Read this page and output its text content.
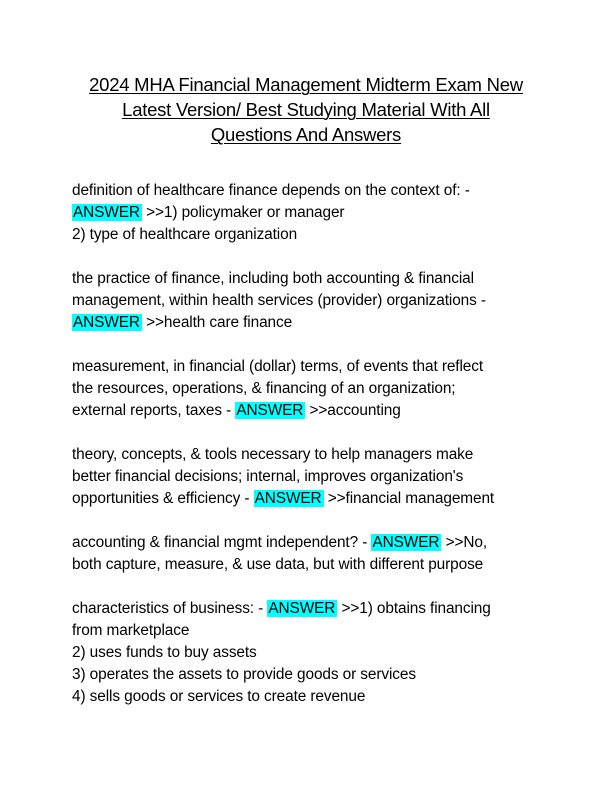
2024 MHA Financial Management Midterm Exam New
Latest Version/ Best Studying Material With All
Questions And Answers
definition of healthcare finance depends on the context of: -
ANSWER >>1) policymaker or manager
2) type of healthcare organization
the practice of finance, including both accounting & financial
management, within health services (provider) organizations -
ANSWER >>health care finance
measurement, in financial (dollar) terms, of events that reflect
the resources, operations, & financing of an organization;
external reports, taxes - ANSWER >>accounting
theory, concepts, & tools necessary to help managers make
better financial decisions; internal, improves organization's
opportunities & efficiency - ANSWER >>financial management
accounting & financial mgmt independent? - ANSWER >>No,
both capture, measure, & use data, but with different purpose
characteristics of business: - ANSWER >>1) obtains financing
from marketplace
2) uses funds to buy assets
3) operates the assets to provide goods or services
4) sells goods or services to create revenue
